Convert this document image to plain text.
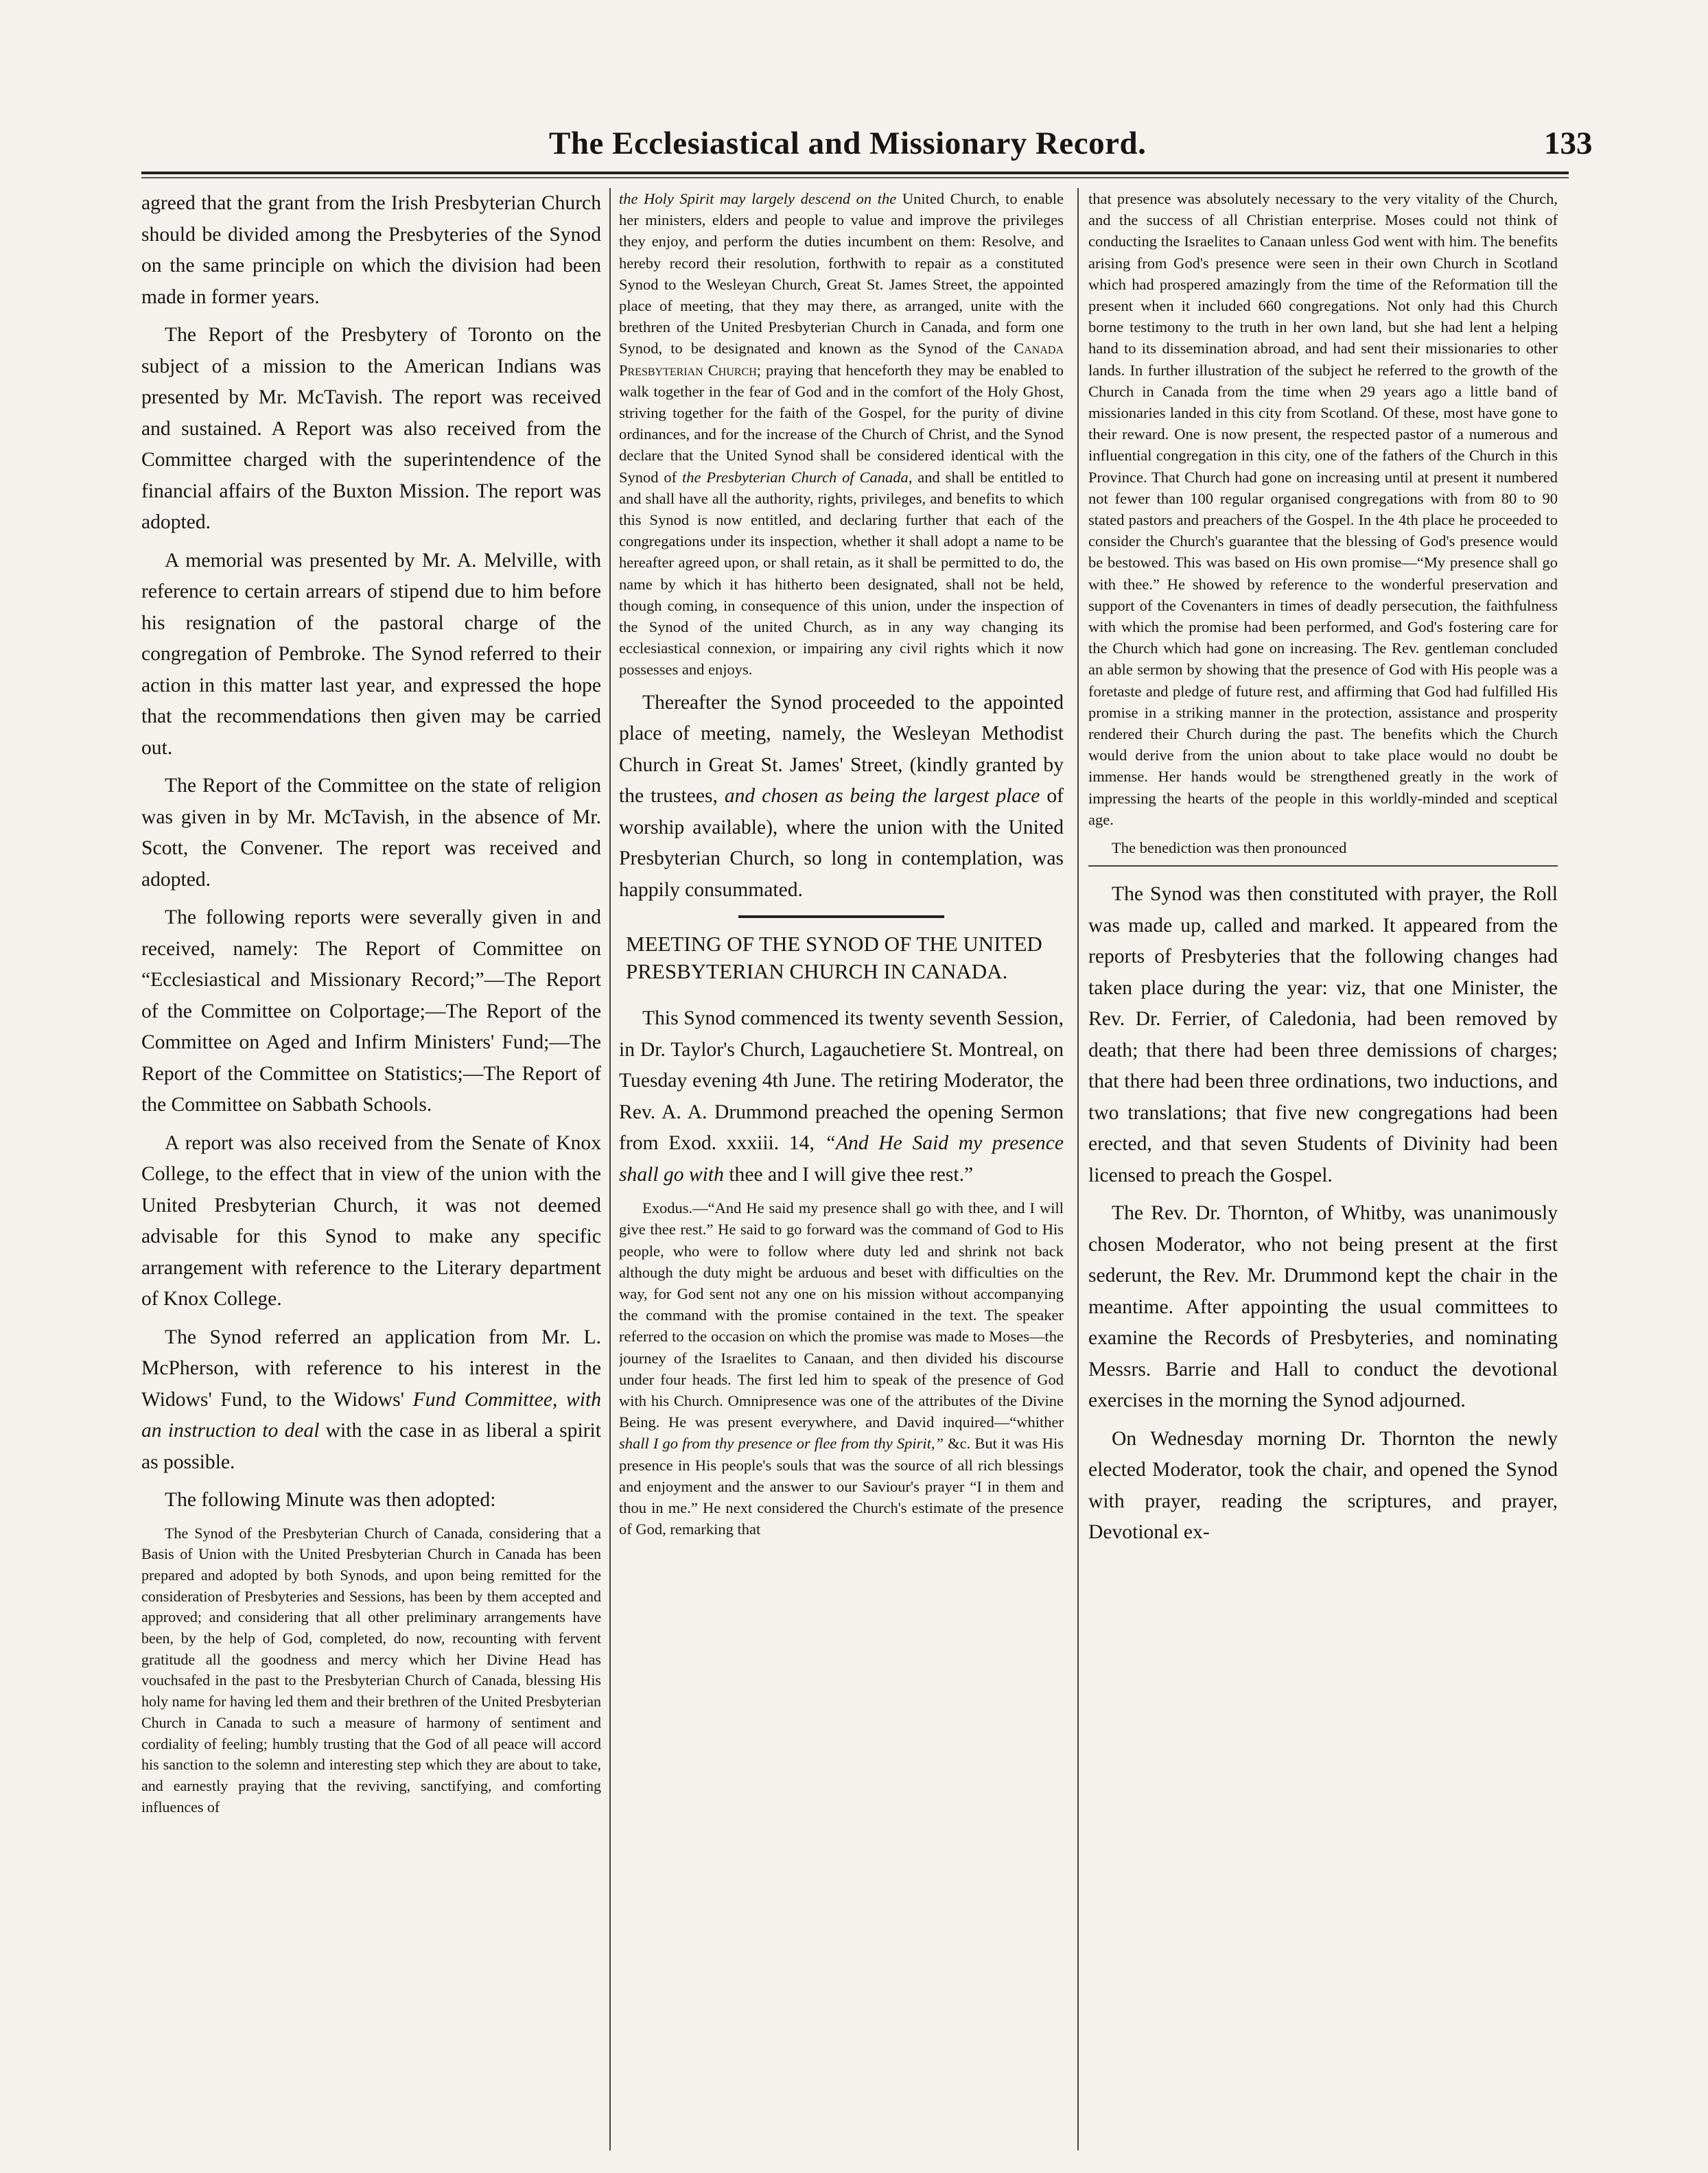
The Ecclesiastical and Missionary Record.	133

agreed that the grant from the Irish Presbyterian Church should be divided among the Presbyteries of the Synod on the same principle on which the division had been made in former years.

The Report of the Presbytery of Toronto on the subject of a mission to the American Indians was presented by Mr. McTavish. The report was received and sustained. A Report was also received from the Committee charged with the superintendence of the financial affairs of the Buxton Mission. The report was adopted.

A memorial was presented by Mr. A. Melville, with reference to certain arrears of stipend due to him before his resignation of the pastoral charge of the congregation of Pembroke. The Synod referred to their action in this matter last year, and expressed the hope that the recommendations then given may be carried out.

The Report of the Committee on the state of religion was given in by Mr. McTavish, in the absence of Mr. Scott, the Convener. The report was received and adopted.

The following reports were severally given in and received, namely: The Report of Committee on “Ecclesiastical and Missionary Record;”—The Report of the Committee on Colportage;—The Report of the Committee on Aged and Infirm Ministers' Fund;—The Report of the Committee on Statistics;—The Report of the Committee on Sabbath Schools.

A report was also received from the Senate of Knox College, to the effect that in view of the union with the United Presbyterian Church, it was not deemed advisable for this Synod to make any specific arrangement with reference to the Literary department of Knox College.

The Synod referred an application from Mr. L. McPherson, with reference to his interest in the Widows' Fund, to the Widows' Fund Committee, with an instruction to deal with the case in as liberal a spirit as possible.

The following Minute was then adopted:

The Synod of the Presbyterian Church of Canada, considering that a Basis of Union with the United Presbyterian Church in Canada has been prepared and adopted by both Synods, and upon being remitted for the consideration of Presbyteries and Sessions, has been by them accepted and approved; and considering that all other preliminary arrangements have been, by the help of God, completed, do now, recounting with fervent gratitude all the goodness and mercy which her Divine Head has vouchsafed in the past to the Presbyterian Church of Canada, blessing His holy name for having led them and their brethren of the United Presbyterian Church in Canada to such a measure of harmony of sentiment and cordiality of feeling; humbly trusting that the God of all peace will accord his sanction to the solemn and interesting step which they are about to take, and earnestly praying that the reviving, sanctifying, and comforting influences of

the Holy Spirit may largely descend on the United Church, to enable her ministers, elders and people to value and improve the privileges they enjoy, and perform the duties incumbent on them: Resolve, and hereby record their resolution, forthwith to repair as a constituted Synod to the Wesleyan Church, Great St. James Street, the appointed place of meeting, that they may there, as arranged, unite with the brethren of the United Presbyterian Church in Canada, and form one Synod, to be designated and known as the Synod of the Canada Presbyterian Church; praying that henceforth they may be enabled to walk together in the fear of God and in the comfort of the Holy Ghost, striving together for the faith of the Gospel, for the purity of divine ordinances, and for the increase of the Church of Christ, and the Synod declare that the United Synod shall be considered identical with the Synod of the Presbyterian Church of Canada, and shall be entitled to and shall have all the authority, rights, privileges, and benefits to which this Synod is now entitled, and declaring further that each of the congregations under its inspection, whether it shall adopt a name to be hereafter agreed upon, or shall retain, as it shall be permitted to do, the name by which it has hitherto been designated, shall not be held, though coming, in consequence of this union, under the inspection of the Synod of the united Church, as in any way changing its ecclesiastical connexion, or impairing any civil rights which it now possesses and enjoys.

Thereafter the Synod proceeded to the appointed place of meeting, namely, the Wesleyan Methodist Church in Great St. James' Street, (kindly granted by the trustees, and chosen as being the largest place of worship available), where the union with the United Presbyterian Church, so long in contemplation, was happily consummated.

MEETING OF THE SYNOD OF THE UNITED PRESBYTERIAN CHURCH IN CANADA.

This Synod commenced its twenty seventh Session, in Dr. Taylor's Church, Lagauchetiere St. Montreal, on Tuesday evening 4th June. The retiring Moderator, the Rev. A. A. Drummond preached the opening Sermon from Exod. xxxiii. 14, “And He Said my presence shall go with thee and I will give thee rest.”

Exodus.—“And He said my presence shall go with thee, and I will give thee rest.” He said to go forward was the command of God to His people, who were to follow where duty led and shrink not back although the duty might be arduous and beset with difficulties on the way, for God sent not any one on his mission without accompanying the command with the promise contained in the text. The speaker referred to the occasion on which the promise was made to Moses—the journey of the Israelites to Canaan, and then divided his discourse under four heads. The first led him to speak of the presence of God with his Church. Omnipresence was one of the attributes of the Divine Being. He was present everywhere, and David inquired—“whither shall I go from thy presence or flee from thy Spirit,” &c. But it was His presence in His people's souls that was the source of all rich blessings and enjoyment and the answer to our Saviour's prayer “I in them and thou in me.” He next considered the Church's estimate of the presence of God, remarking that

that presence was absolutely necessary to the very vitality of the Church, and the success of all Christian enterprise. Moses could not think of conducting the Israelites to Canaan unless God went with him. The benefits arising from God's presence were seen in their own Church in Scotland which had prospered amazingly from the time of the Reformation till the present when it included 660 congregations. Not only had this Church borne testimony to the truth in her own land, but she had lent a helping hand to its dissemination abroad, and had sent their missionaries to other lands. In further illustration of the subject he referred to the growth of the Church in Canada from the time when 29 years ago a little band of missionaries landed in this city from Scotland. Of these, most have gone to their reward. One is now present, the respected pastor of a numerous and influential congregation in this city, one of the fathers of the Church in this Province. That Church had gone on increasing until at present it numbered not fewer than 100 regular organised congregations with from 80 to 90 stated pastors and preachers of the Gospel. In the 4th place he proceeded to consider the Church's guarantee that the blessing of God's presence would be bestowed. This was based on His own promise—“My presence shall go with thee.” He showed by reference to the wonderful preservation and support of the Covenanters in times of deadly persecution, the faithfulness with which the promise had been performed, and God's fostering care for the Church which had gone on increasing. The Rev. gentleman concluded an able sermon by showing that the presence of God with His people was a foretaste and pledge of future rest, and affirming that God had fulfilled His promise in a striking manner in the protection, assistance and prosperity rendered their Church during the past. The benefits which the Church would derive from the union about to take place would no doubt be immense. Her hands would be strengthened greatly in the work of impressing the hearts of the people in this worldly-minded and sceptical age.

The benediction was then pronounced

The Synod was then constituted with prayer, the Roll was made up, called and marked. It appeared from the reports of Presbyteries that the following changes had taken place during the year: viz, that one Minister, the Rev. Dr. Ferrier, of Caledonia, had been removed by death; that there had been three demissions of charges; that there had been three ordinations, two inductions, and two translations; that five new congregations had been erected, and that seven Students of Divinity had been licensed to preach the Gospel.

The Rev. Dr. Thornton, of Whitby, was unanimously chosen Moderator, who not being present at the first sederunt, the Rev. Mr. Drummond kept the chair in the meantime. After appointing the usual committees to examine the Records of Presbyteries, and nominating Messrs. Barrie and Hall to conduct the devotional exercises in the morning the Synod adjourned.

On Wednesday morning Dr. Thornton the newly elected Moderator, took the chair, and opened the Synod with prayer, reading the scriptures, and prayer, Devotional ex-
